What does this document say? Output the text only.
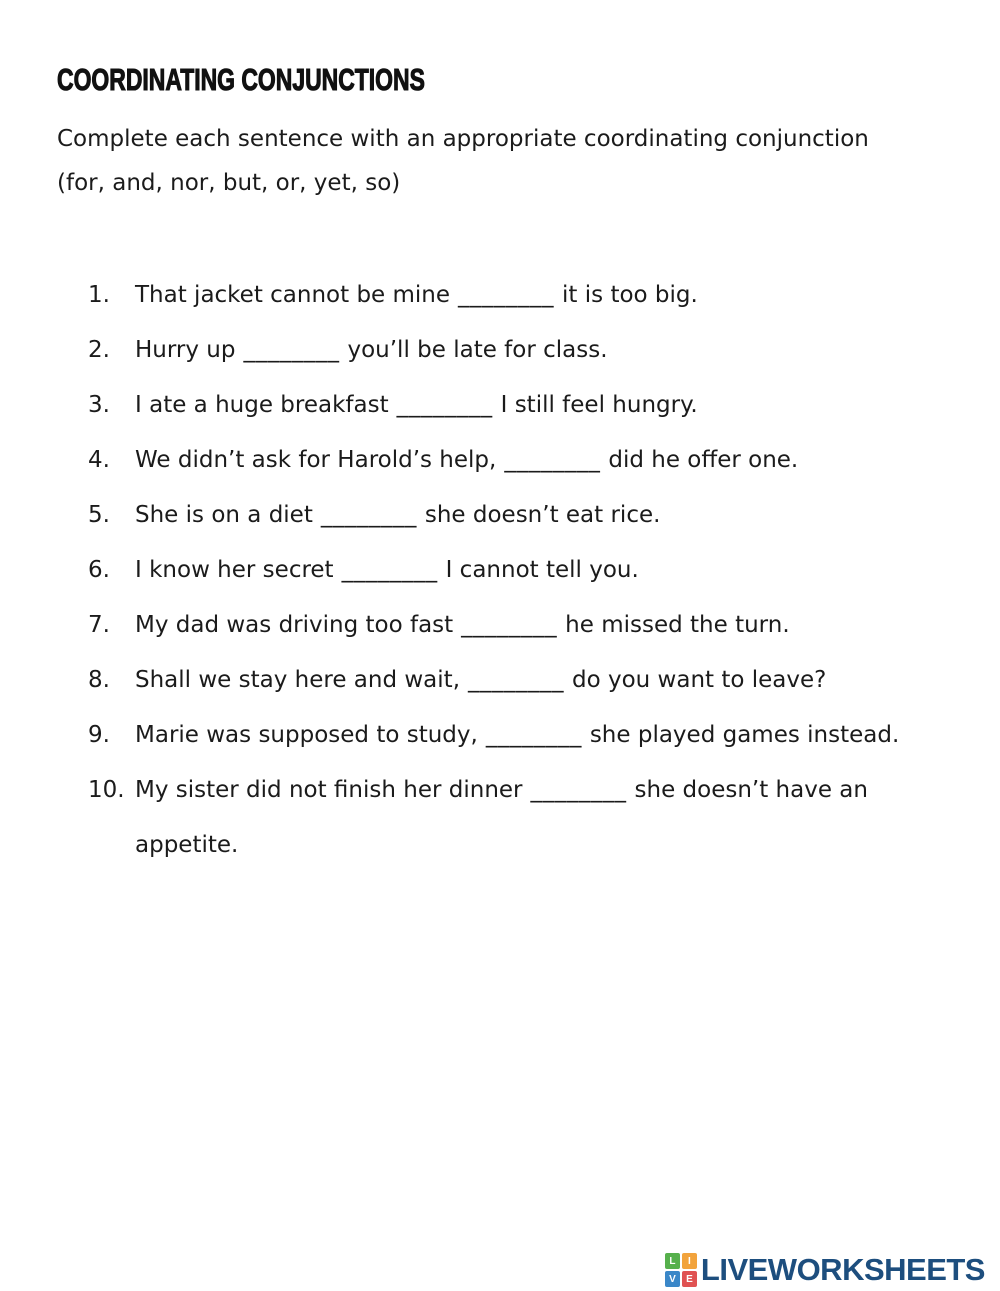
COORDINATING CONJUNCTIONS
Complete each sentence with an appropriate coordinating conjunction
(for, and, nor, but, or, yet, so)
1.	That jacket cannot be mine ________ it is too big.
2.	Hurry up ________ you’ll be late for class.
3.	I ate a huge breakfast ________ I still feel hungry.
4.	We didn’t ask for Harold’s help, ________ did he offer one.
5.	She is on a diet ________ she doesn’t eat rice.
6.	I know her secret ________ I cannot tell you.
7.	My dad was driving too fast ________ he missed the turn.
8.	Shall we stay here and wait, ________ do you want to leave?
9.	Marie was supposed to study, ________ she played games instead.
10. My sister did not finish her dinner ________ she doesn’t have an appetite.
L	I
V	E LIVEWORKSHEETS
